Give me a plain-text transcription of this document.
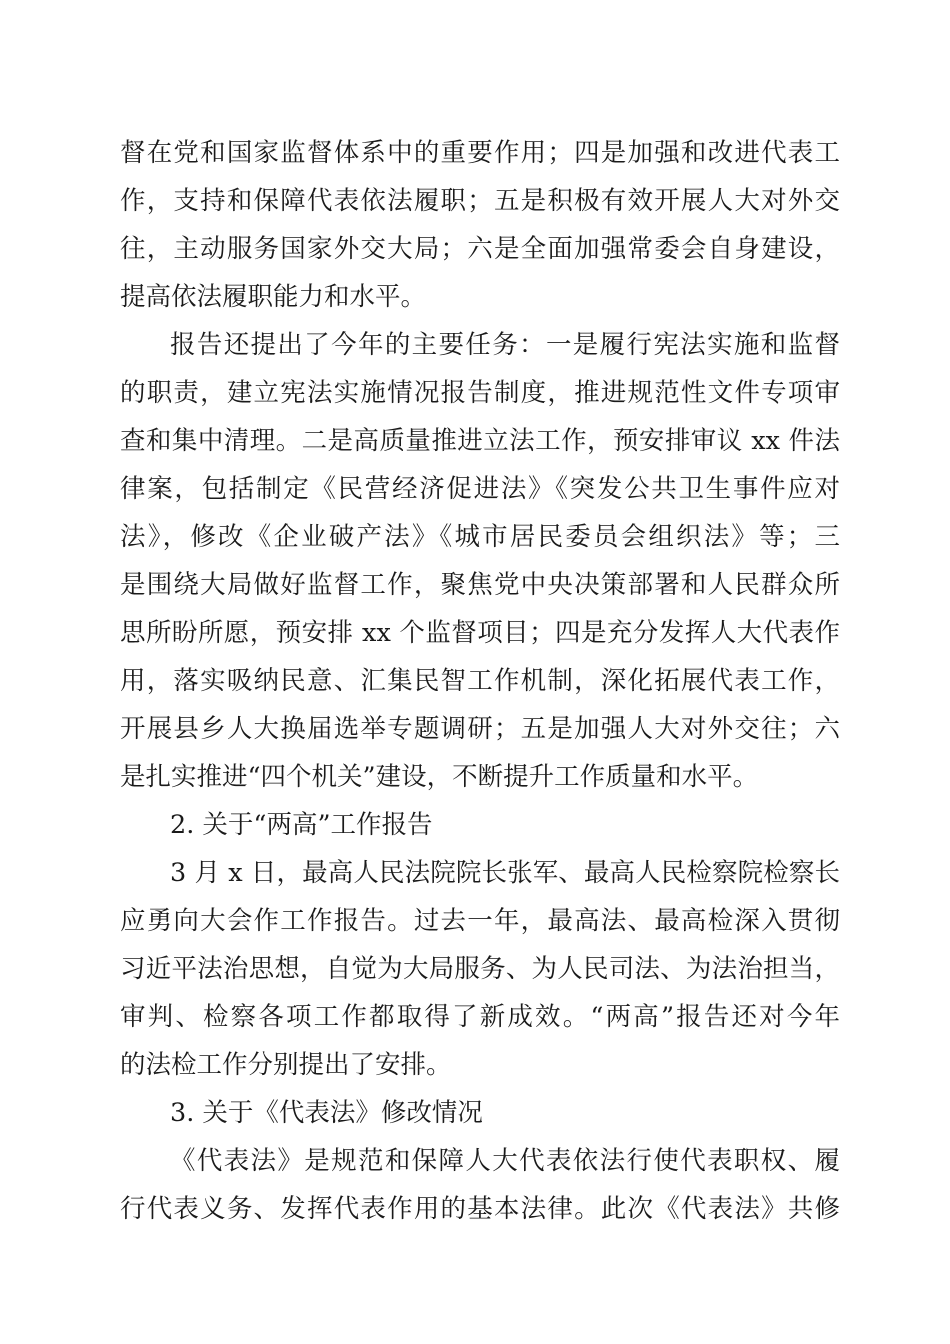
督在党和国家监督体系中的重要作用；四是加强和改进代表工
作，支持和保障代表依法履职；五是积极有效开展人大对外交
往，主动服务国家外交大局；六是全面加强常委会自身建设，
提高依法履职能力和水平。
报告还提出了今年的主要任务：一是履行宪法实施和监督
的职责，建立宪法实施情况报告制度，推进规范性文件专项审
查和集中清理。二是高质量推进立法工作，预安排审议 xx 件法
律案，包括制定《民营经济促进法》《突发公共卫生事件应对
法》，修改《企业破产法》《城市居民委员会组织法》等；三
是围绕大局做好监督工作，聚焦党中央决策部署和人民群众所
思所盼所愿，预安排 xx 个监督项目；四是充分发挥人大代表作
用，落实吸纳民意、汇集民智工作机制，深化拓展代表工作，
开展县乡人大换届选举专题调研；五是加强人大对外交往；六
是扎实推进“四个机关”建设，不断提升工作质量和水平。
2. 关于“两高”工作报告
3 月 x 日，最高人民法院院长张军、最高人民检察院检察长
应勇向大会作工作报告。过去一年，最高法、最高检深入贯彻
习近平法治思想，自觉为大局服务、为人民司法、为法治担当，
审判、检察各项工作都取得了新成效。“两高”报告还对今年
的法检工作分别提出了安排。
3. 关于《代表法》修改情况
《代表法》是规范和保障人大代表依法行使代表职权、履
行代表义务、发挥代表作用的基本法律。此次《代表法》共修
